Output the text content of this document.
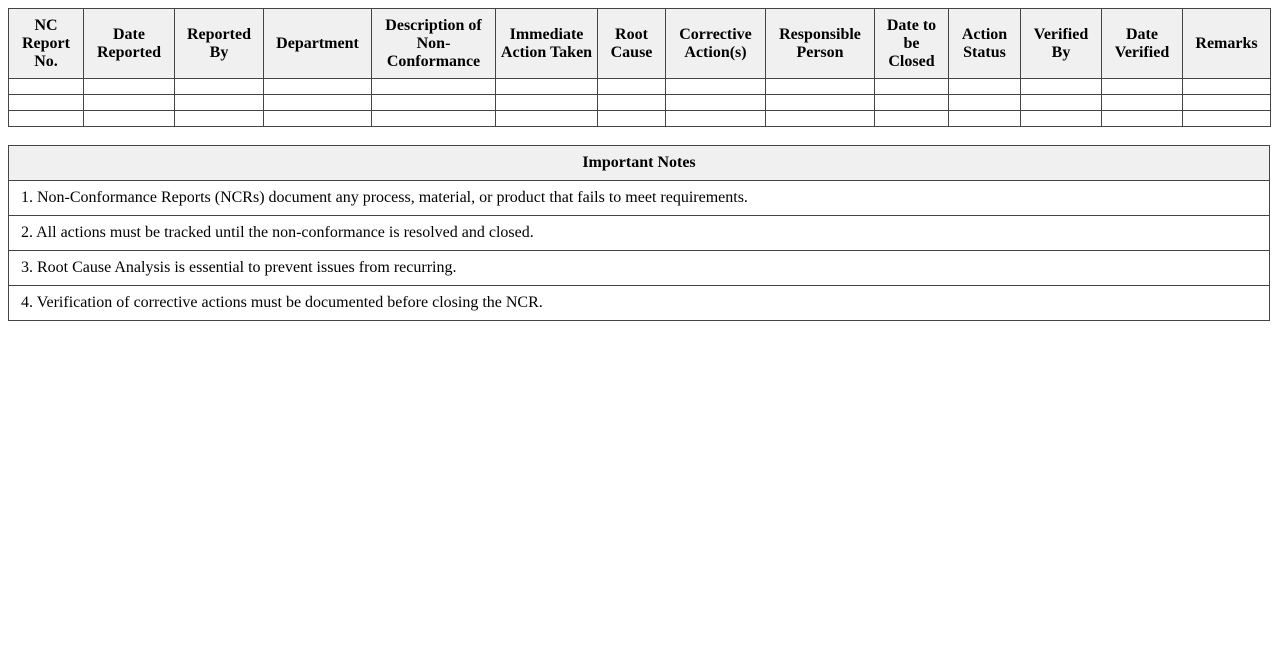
NC Report No.	Date Reported	Reported By	Department	Description of Non-Conformance	Immediate Action Taken	Root Cause	Corrective Action(s)	Responsible Person	Date to be Closed	Action Status	Verified By	Date Verified	Remarks

Important Notes
1. Non-Conformance Reports (NCRs) document any process, material, or product that fails to meet requirements.
2. All actions must be tracked until the non-conformance is resolved and closed.
3. Root Cause Analysis is essential to prevent issues from recurring.
4. Verification of corrective actions must be documented before closing the NCR.
